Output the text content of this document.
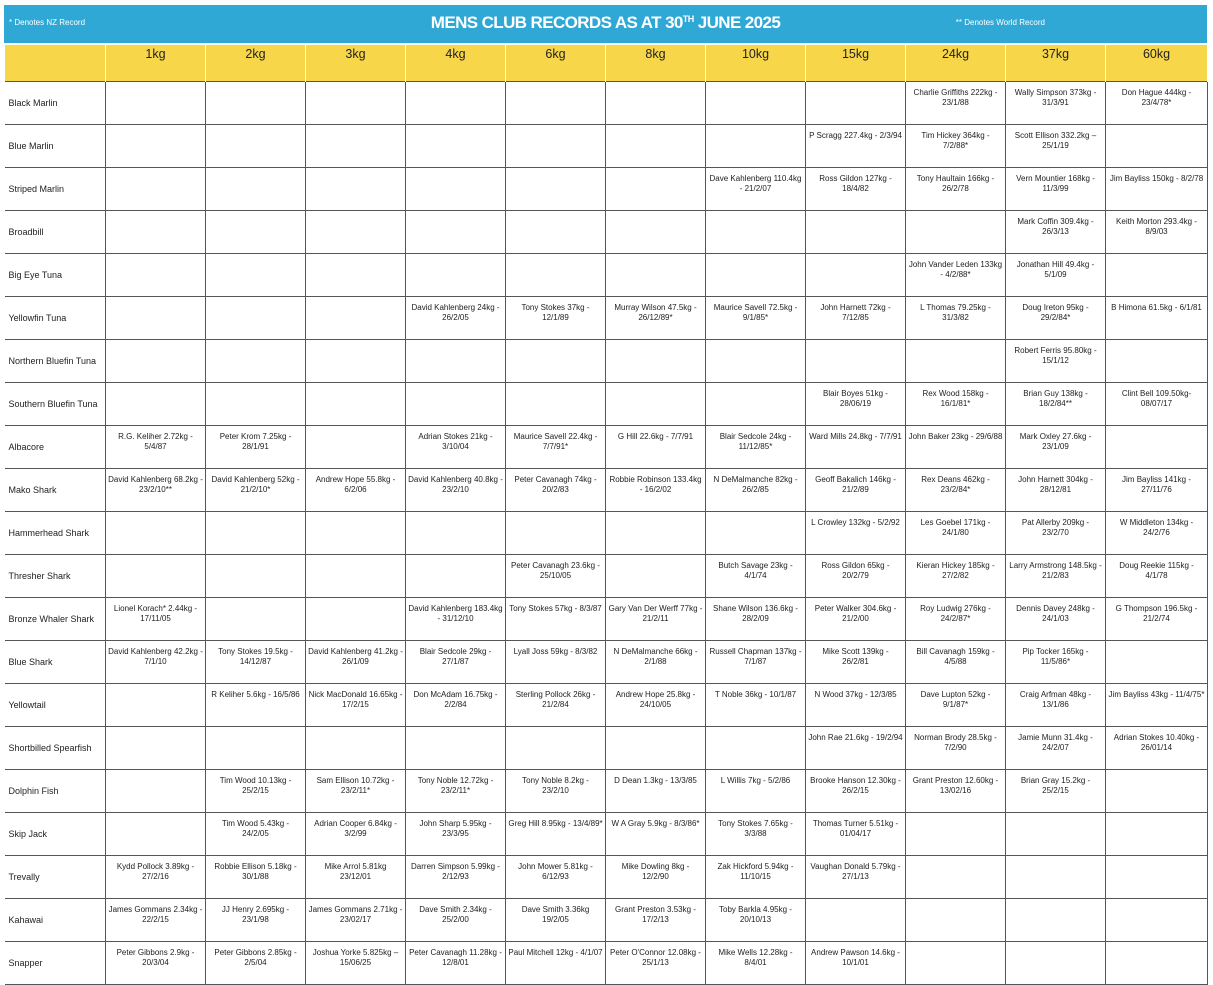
* Denotes NZ Record	MENS CLUB RECORDS AS AT 30TH JUNE 2025	** Denotes World Record
	1kg	2kg	3kg	4kg	6kg	8kg	10kg	15kg	24kg	37kg	60kg
Black Marlin									Charlie Griffiths 222kg - 23/1/88	Wally Simpson 373kg - 31/3/91	Don Hague 444kg - 23/4/78*
Blue Marlin								P Scragg 227.4kg - 2/3/94	Tim Hickey 364kg - 7/2/88*	Scott Ellison 332.2kg – 25/1/19	
Striped Marlin							Dave Kahlenberg 110.4kg - 21/2/07	Ross Gildon 127kg - 18/4/82	Tony Haultain 166kg - 26/2/78	Vern Mountier 168kg - 11/3/99	Jim Bayliss 150kg - 8/2/78
Broadbill										Mark Coffin 309.4kg - 26/3/13	Keith Morton 293.4kg - 8/9/03
Big Eye Tuna									John Vander Leden 133kg - 4/2/88*	Jonathan Hill 49.4kg - 5/1/09	
Yellowfin Tuna				David Kahlenberg 24kg - 26/2/05	Tony Stokes 37kg - 12/1/89	Murray Wilson 47.5kg - 26/12/89*	Maurice Savell 72.5kg - 9/1/85*	John Harnett 72kg - 7/12/85	L Thomas 79.25kg - 31/3/82	Doug Ireton 95kg - 29/2/84*	B Himona 61.5kg - 6/1/81
Northern Bluefin Tuna										Robert Ferris 95.80kg - 15/1/12	
Southern Bluefin Tuna								Blair Boyes 51kg - 28/06/19	Rex Wood 158kg - 16/1/81*	Brian Guy 138kg - 18/2/84**	Clint Bell 109.50kg- 08/07/17
Albacore	R.G. Keliher 2.72kg - 5/4/87	Peter Krom 7.25kg - 28/1/91		Adrian Stokes 21kg - 3/10/04	Maurice Savell 22.4kg - 7/7/91*	G Hill 22.6kg - 7/7/91	Blair Sedcole 24kg - 11/12/85*	Ward Mills 24.8kg - 7/7/91	John Baker 23kg - 29/6/88	Mark Oxley 27.6kg - 23/1/09	
Mako Shark	David Kahlenberg 68.2kg - 23/2/10**	David Kahlenberg 52kg - 21/2/10*	Andrew Hope 55.8kg - 6/2/06	David Kahlenberg 40.8kg - 23/2/10	Peter Cavanagh 74kg - 20/2/83	Robbie Robinson 133.4kg - 16/2/02	N DeMalmanche 82kg - 26/2/85	Geoff Bakalich 146kg - 21/2/89	Rex Deans 462kg - 23/2/84*	John Harnett 304kg - 28/12/81	Jim Bayliss 141kg - 27/11/76
Hammerhead Shark								L Crowley 132kg - 5/2/92	Les Goebel 171kg - 24/1/80	Pat Allerby 209kg - 23/2/70	W Middleton 134kg - 24/2/76
Thresher Shark					Peter Cavanagh 23.6kg - 25/10/05		Butch Savage 23kg - 4/1/74	Ross Gildon 65kg - 20/2/79	Kieran Hickey 185kg - 27/2/82	Larry Armstrong 148.5kg - 21/2/83	Doug Reekie 115kg - 4/1/78
Bronze Whaler Shark	Lionel Korach* 2.44kg - 17/11/05			David Kahlenberg 183.4kg - 31/12/10	Tony Stokes 57kg - 8/3/87	Gary Van Der Werff 77kg - 21/2/11	Shane Wilson 136.6kg - 28/2/09	Peter Walker 304.6kg - 21/2/00	Roy Ludwig 276kg - 24/2/87*	Dennis Davey 248kg - 24/1/03	G Thompson 196.5kg - 21/2/74
Blue Shark	David Kahlenberg 42.2kg - 7/1/10	Tony Stokes 19.5kg - 14/12/87	David Kahlenberg 41.2kg - 26/1/09	Blair Sedcole 29kg - 27/1/87	Lyall Joss 59kg - 8/3/82	N DeMalmanche 66kg - 2/1/88	Russell Chapman 137kg - 7/1/87	Mike Scott 139kg - 26/2/81	Bill Cavanagh 159kg - 4/5/88	Pip Tocker 165kg - 11/5/86*	
Yellowtail		R Keliher 5.6kg - 16/5/86	Nick MacDonald 16.65kg - 17/2/15	Don McAdam 16.75kg - 2/2/84	Sterling Pollock 26kg - 21/2/84	Andrew Hope 25.8kg - 24/10/05	T Noble 36kg - 10/1/87	N Wood 37kg - 12/3/85	Dave Lupton 52kg - 9/1/87*	Craig Arfman 48kg - 13/1/86	Jim Bayliss 43kg - 11/4/75*
Shortbilled Spearfish								John Rae 21.6kg - 19/2/94	Norman Brody 28.5kg - 7/2/90	Jamie Munn 31.4kg - 24/2/07	Adrian Stokes 10.40kg - 26/01/14
Dolphin Fish		Tim Wood 10.13kg - 25/2/15	Sam Ellison 10.72kg - 23/2/11*	Tony Noble 12.72kg - 23/2/11*	Tony Noble 8.2kg - 23/2/10	D Dean 1.3kg - 13/3/85	L Willis 7kg - 5/2/86	Brooke Hanson 12.30kg - 26/2/15	Grant Preston 12.60kg - 13/02/16	Brian Gray 15.2kg - 25/2/15	
Skip Jack		Tim Wood 5.43kg - 24/2/05	Adrian Cooper 6.84kg - 3/2/99	John Sharp 5.95kg - 23/3/95	Greg Hill 8.95kg - 13/4/89*	W A Gray 5.9kg - 8/3/86*	Tony Stokes 7.65kg - 3/3/88	Thomas Turner 5.51kg - 01/04/17			
Trevally	Kydd Pollock 3.89kg - 27/2/16	Robbie Ellison 5.18kg - 30/1/88	Mike Arrol 5.81kg 23/12/01	Darren Simpson 5.99kg - 2/12/93	John Mower 5.81kg - 6/12/93	Mike Dowling 8kg - 12/2/90	Zak Hickford 5.94kg - 11/10/15	Vaughan Donald 5.79kg - 27/1/13			
Kahawai	James Gommans 2.34kg - 22/2/15	JJ Henry 2.695kg - 23/1/98	James Gommans 2.71kg - 23/02/17	Dave Smith 2.34kg - 25/2/00	Dave Smith 3.36kg 19/2/05	Grant Preston 3.53kg - 17/2/13	Toby Barkla 4.95kg - 20/10/13				
Snapper	Peter Gibbons 2.9kg - 20/3/04	Peter Gibbons 2.85kg - 2/5/04	Joshua Yorke 5.825kg – 15/06/25	Peter Cavanagh 11.28kg - 12/8/01	Paul Mitchell 12kg - 4/1/07	Peter O'Connor 12.08kg - 25/1/13	Mike Wells 12.28kg - 8/4/01	Andrew Pawson 14.6kg - 10/1/01			
